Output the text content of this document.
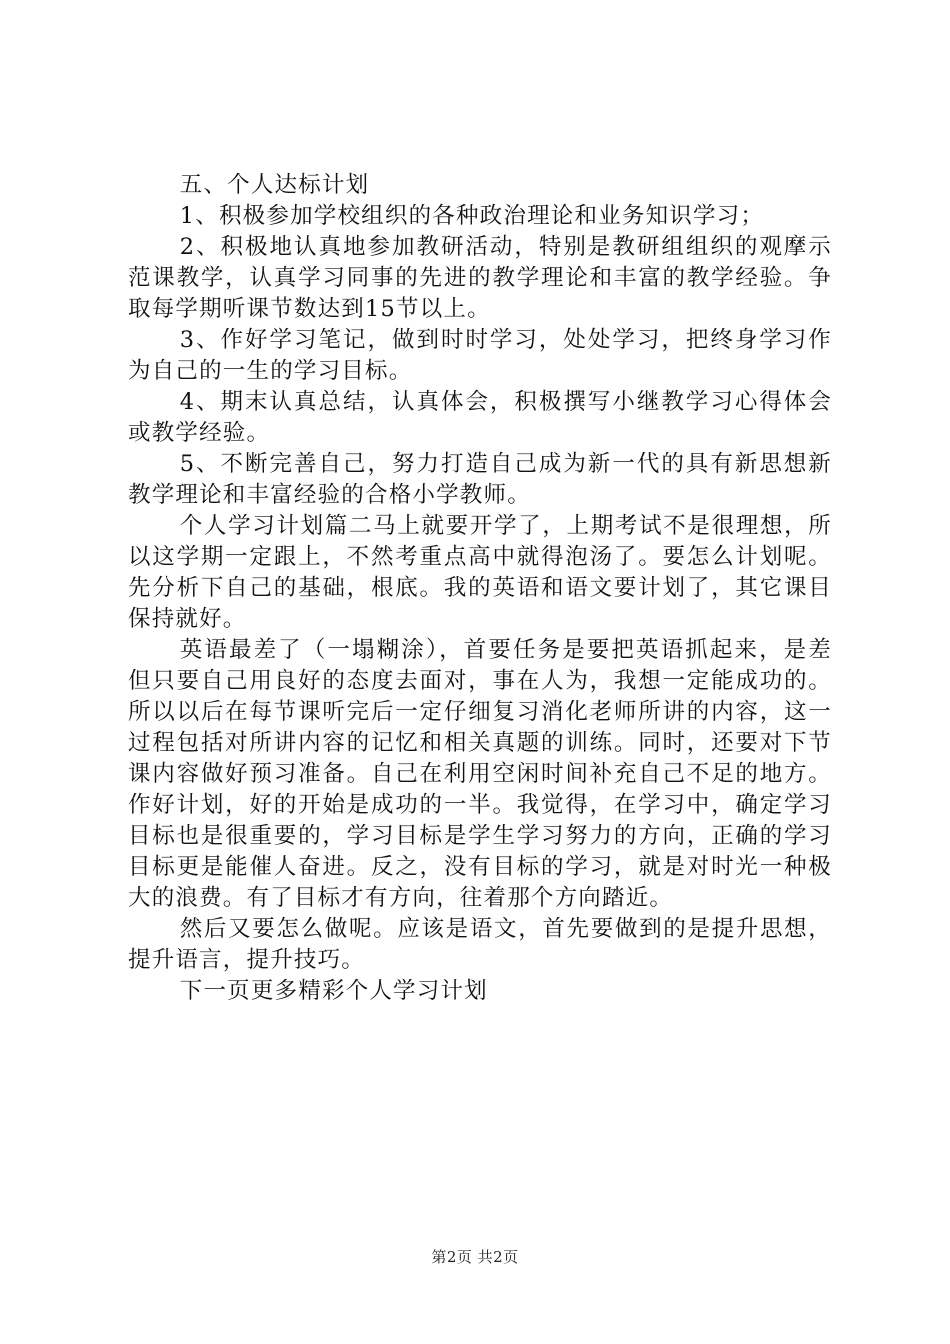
五、个人达标计划

1、积极参加学校组织的各种政治理论和业务知识学习；

2、积极地认真地参加教研活动，特别是教研组组织的观摩示范课教学，认真学习同事的先进的教学理论和丰富的教学经验。争取每学期听课节数达到15节以上。

3、作好学习笔记，做到时时学习，处处学习，把终身学习作为自己的一生的学习目标。

4、期末认真总结，认真体会，积极撰写小继教学习心得体会或教学经验。

5、不断完善自己，努力打造自己成为新一代的具有新思想新教学理论和丰富经验的合格小学教师。

个人学习计划篇二马上就要开学了，上期考试不是很理想，所以这学期一定跟上，不然考重点高中就得泡汤了。要怎么计划呢。先分析下自己的基础，根底。我的英语和语文要计划了，其它课目保持就好。

英语最差了（一塌糊涂），首要任务是要把英语抓起来，是差但只要自己用良好的态度去面对，事在人为，我想一定能成功的。所以以后在每节课听完后一定仔细复习消化老师所讲的内容，这一过程包括对所讲内容的记忆和相关真题的训练。同时，还要对下节课内容做好预习准备。自己在利用空闲时间补充自己不足的地方。作好计划，好的开始是成功的一半。我觉得，在学习中，确定学习目标也是很重要的，学习目标是学生学习努力的方向，正确的学习目标更是能催人奋进。反之，没有目标的学习，就是对时光一种极大的浪费。有了目标才有方向，往着那个方向踏近。

然后又要怎么做呢。应该是语文，首先要做到的是提升思想，提升语言，提升技巧。

下一页更多精彩个人学习计划

第2页 共2页
